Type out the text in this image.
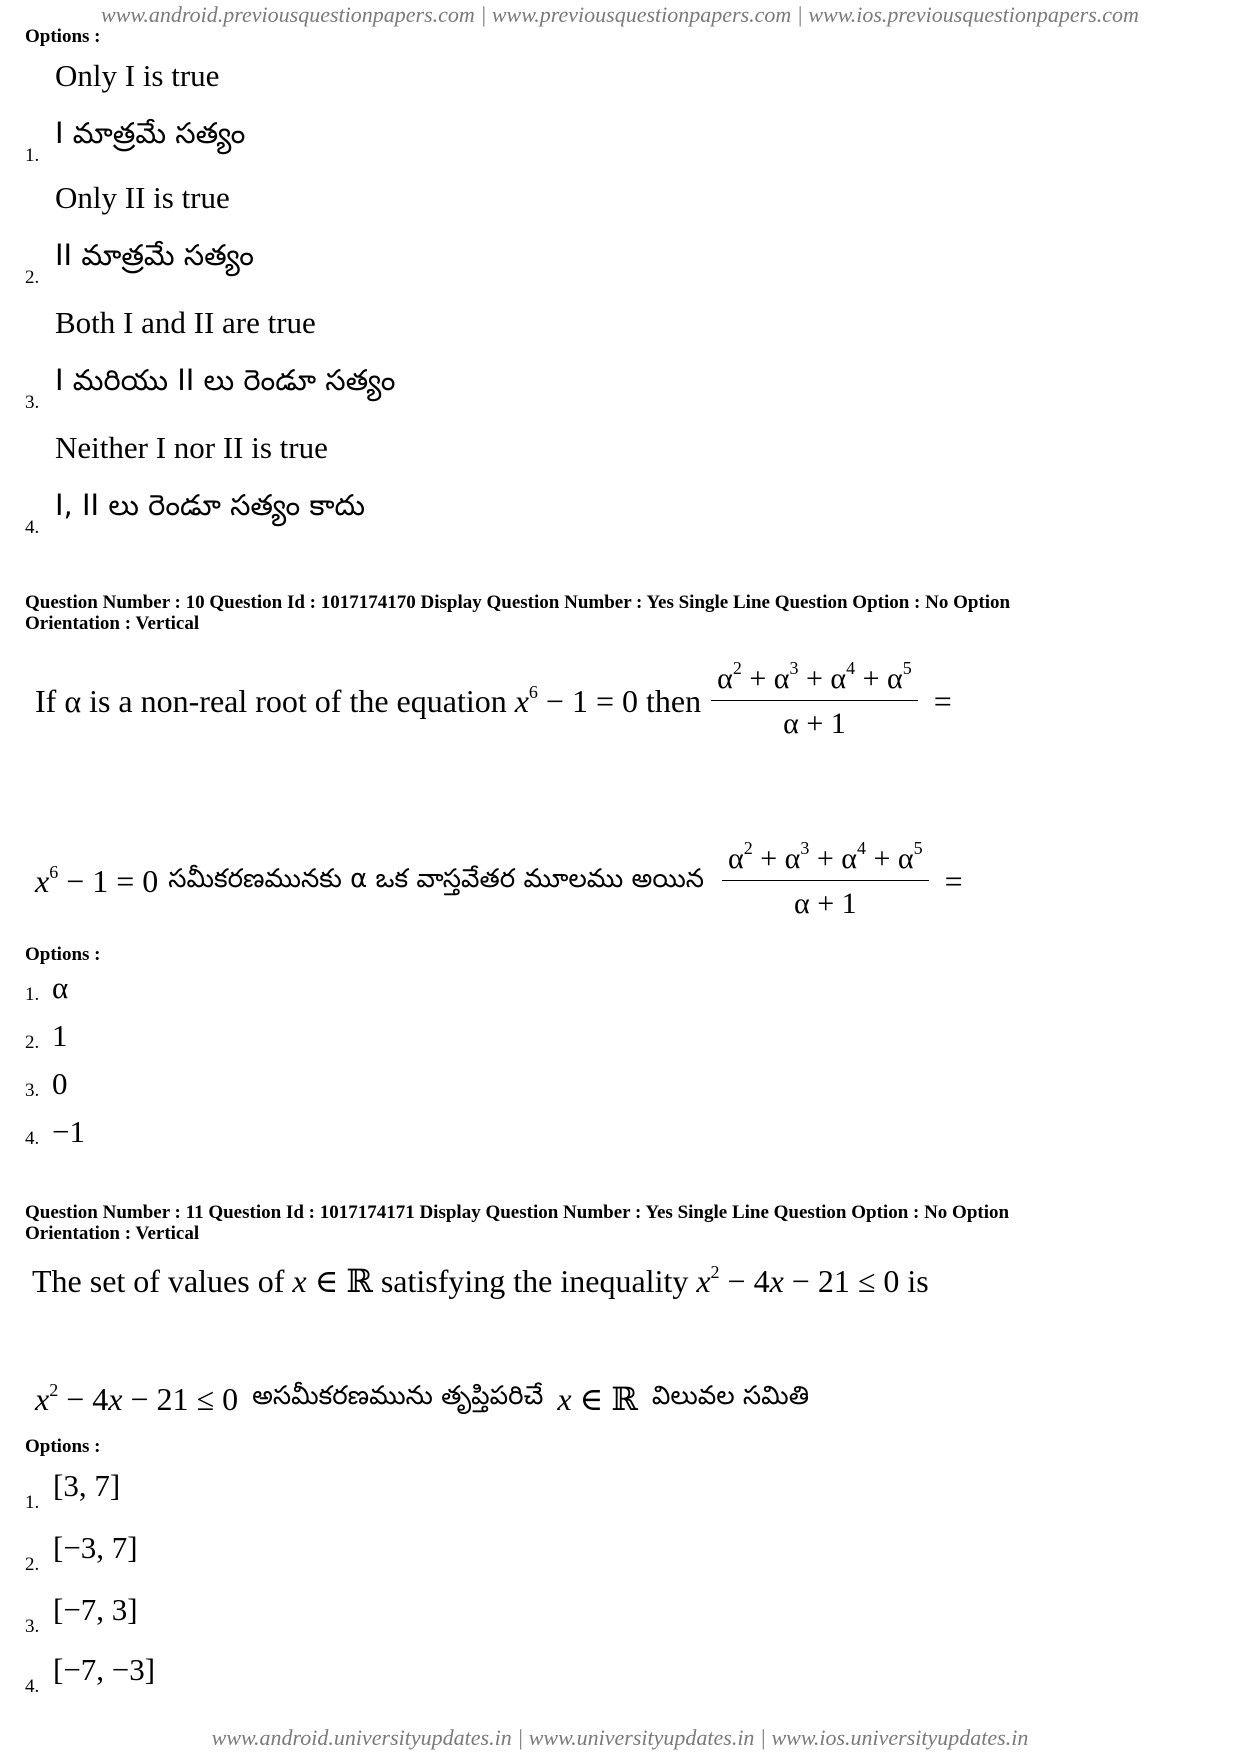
www.android.previousquestionpapers.com | www.previousquestionpapers.com | www.ios.previousquestionpapers.com
Options :
Only I is true
1.
I మాత్రమే సత్యం
Only II is true
2.
II మాత్రమే సత్యం
Both I and II are true
3.
I మరియు II లు రెండూ సత్యం
Neither I nor II is true
4.
I, II లు రెండూ సత్యం కాదు
Question Number : 10 Question Id : 1017174170 Display Question Number : Yes Single Line Question Option : No Option
Orientation : Vertical
If α is a non-real root of the equation $x^6 - 1 = 0$ then $\frac{\alpha^2 + \alpha^3 + \alpha^4 + \alpha^5}{\alpha + 1}$ =
$x^6 - 1 = 0$ సమీకరణమునకు α ఒక వాస్తవేతర మూలము అయిన $\frac{\alpha^2 + \alpha^3 + \alpha^4 + \alpha^5}{\alpha + 1}$ =
Options :
1. α
2. 1
3. 0
4. −1
Question Number : 11 Question Id : 1017174171 Display Question Number : Yes Single Line Question Option : No Option
Orientation : Vertical
The set of values of x ∈ ℝ satisfying the inequality $x^2 - 4x - 21 \le 0$ is
$x^2 - 4x - 21 \le 0$ అసమీకరణమును తృప్తిపరిచే x ∈ ℝ విలువల సమితి
Options :
1. [3, 7]
2. [−3, 7]
3. [−7, 3]
4. [−7, −3]
www.android.universityupdates.in | www.universityupdates.in | www.ios.universityupdates.in
